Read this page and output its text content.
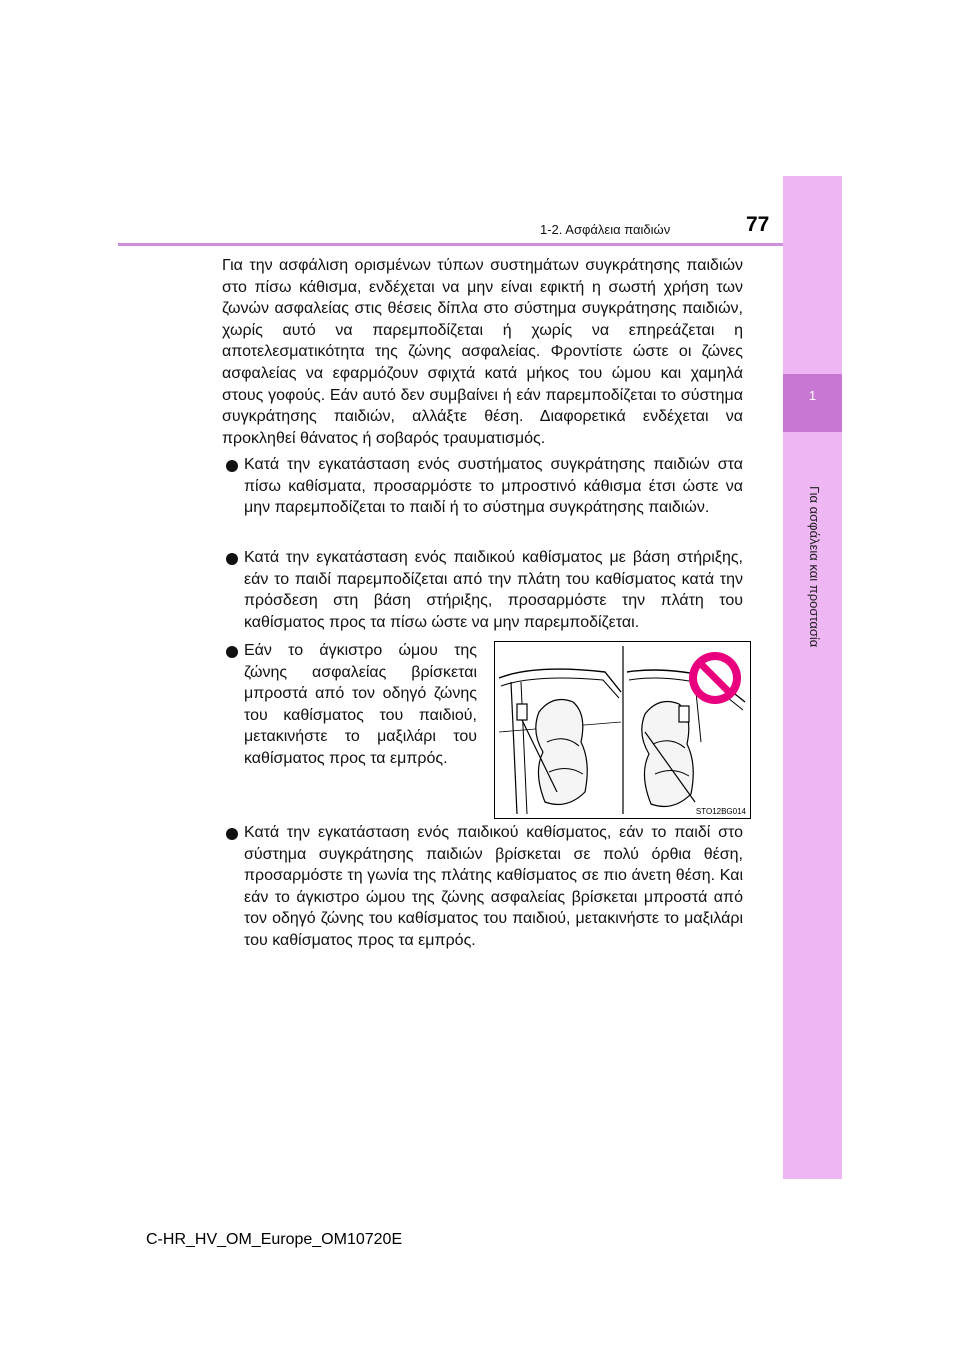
1
Για ασφάλεια και προστασία
1-2. Ασφάλεια παιδιών	77

Για την ασφάλιση ορισμένων τύπων συστημάτων συγκράτησης παιδιών στο πίσω κάθισμα, ενδέχεται να μην είναι εφικτή η σωστή χρήση των ζωνών ασφαλείας στις θέσεις δίπλα στο σύστημα συγκράτησης παιδιών, χωρίς αυτό να παρεμποδίζεται ή χωρίς να επηρεάζεται η αποτελεσματικότητα της ζώνης ασφαλείας. Φροντίστε ώστε οι ζώνες ασφαλείας να εφαρμόζουν σφιχτά κατά μήκος του ώμου και χαμηλά στους γοφούς. Εάν αυτό δεν συμβαίνει ή εάν παρεμποδίζεται το σύστημα συγκράτησης παιδιών, αλλάξτε θέση. Διαφορετικά ενδέχεται να προκληθεί θάνατος ή σοβαρός τραυματισμός.

Κατά την εγκατάσταση ενός συστήματος συγκράτησης παιδιών στα πίσω καθίσματα, προσαρμόστε το μπροστινό κάθισμα έτσι ώστε να μην παρεμποδίζεται το παιδί ή το σύστημα συγκράτησης παιδιών.

Κατά την εγκατάσταση ενός παιδικού καθίσματος με βάση στήριξης, εάν το παιδί παρεμποδίζεται από την πλάτη του καθίσματος κατά την πρόσδεση στη βάση στήριξης, προσαρμόστε την πλάτη του καθίσματος προς τα πίσω ώστε να μην παρεμποδίζεται.

Εάν το άγκιστρο ώμου της ζώνης ασφαλείας βρίσκεται μπροστά από τον οδηγό ζώνης του καθίσματος του παιδιού, μετακινήστε το μαξιλάρι του καθίσματος προς τα εμπρός.

STO12BG014

Κατά την εγκατάσταση ενός παιδικού καθίσματος, εάν το παιδί στο σύστημα συγκράτησης παιδιών βρίσκεται σε πολύ όρθια θέση, προσαρμόστε τη γωνία της πλάτης καθίσματος σε πιο άνετη θέση. Και εάν το άγκιστρο ώμου της ζώνης ασφαλείας βρίσκεται μπροστά από τον οδηγό ζώνης του καθίσματος του παιδιού, μετακινήστε το μαξιλάρι του καθίσματος προς τα εμπρός.

C-HR_HV_OM_Europe_OM10720E
